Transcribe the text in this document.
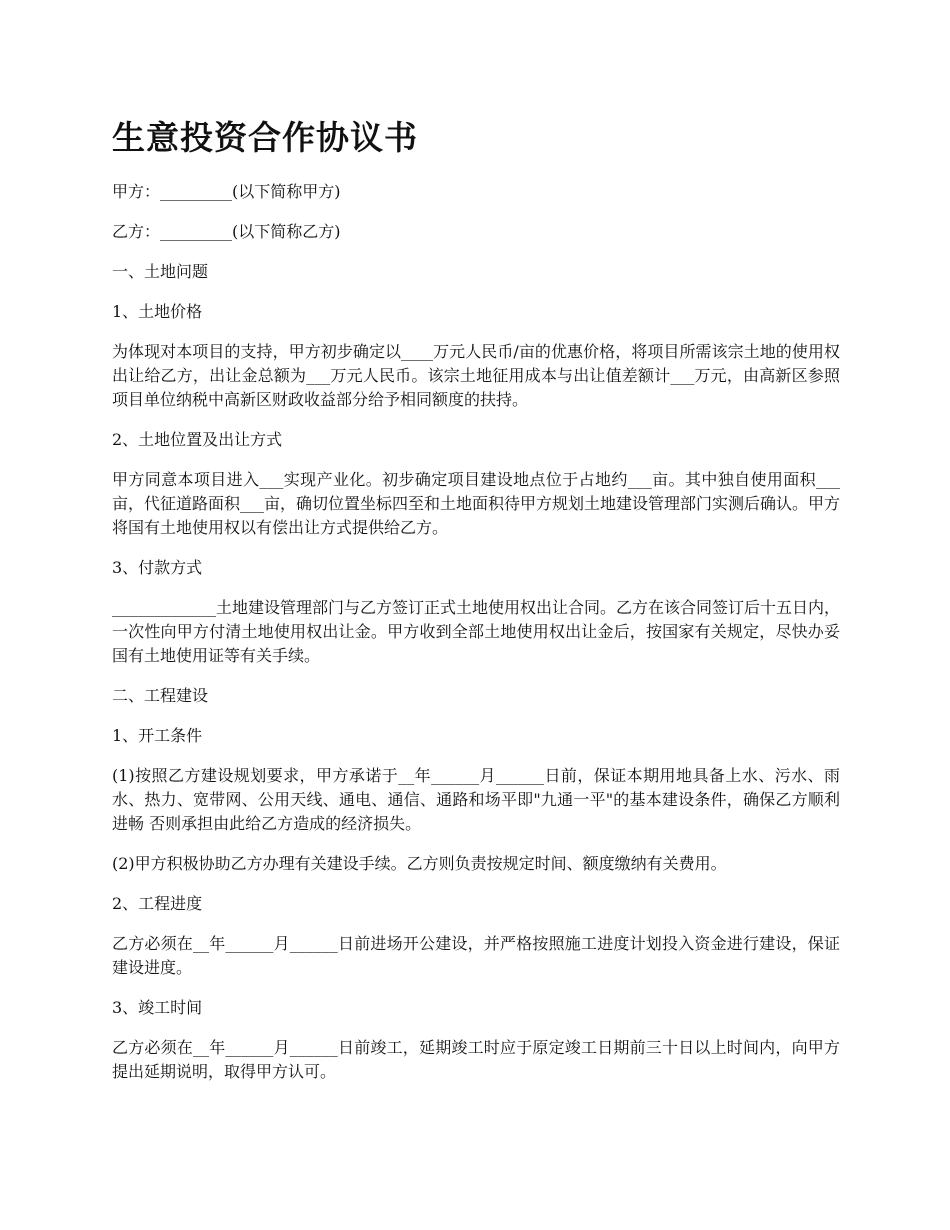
生意投资合作协议书

甲方：_________(以下简称甲方)

乙方：_________(以下简称乙方)

一、土地问题

1、土地价格

为体现对本项目的支持，甲方初步确定以____万元人民币/亩的优惠价格，将项目所需该宗土地的使用权出让给乙方，出让金总额为___万元人民币。该宗土地征用成本与出让值差额计___万元，由高新区参照项目单位纳税中高新区财政收益部分给予相同额度的扶持。

2、土地位置及出让方式

甲方同意本项目进入___实现产业化。初步确定项目建设地点位于占地约___亩。其中独自使用面积___亩，代征道路面积___亩，确切位置坐标四至和土地面积待甲方规划土地建设管理部门实测后确认。甲方将国有土地使用权以有偿出让方式提供给乙方。

3、付款方式

_____________土地建设管理部门与乙方签订正式土地使用权出让合同。乙方在该合同签订后十五日内，一次性向甲方付清土地使用权出让金。甲方收到全部土地使用权出让金后，按国家有关规定，尽快办妥国有土地使用证等有关手续。

二、工程建设

1、开工条件

(1)按照乙方建设规划要求，甲方承诺于__年______月______日前，保证本期用地具备上水、污水、雨水、热力、宽带网、公用天线、通电、通信、通路和场平即"九通一平"的基本建设条件，确保乙方顺利进畅 否则承担由此给乙方造成的经济损失。

(2)甲方积极协助乙方办理有关建设手续。乙方则负责按规定时间、额度缴纳有关费用。

2、工程进度

乙方必须在__年______月______日前进场开公建设，并严格按照施工进度计划投入资金进行建设，保证建设进度。

3、竣工时间

乙方必须在__年______月______日前竣工，延期竣工时应于原定竣工日期前三十日以上时间内，向甲方提出延期说明，取得甲方认可。
